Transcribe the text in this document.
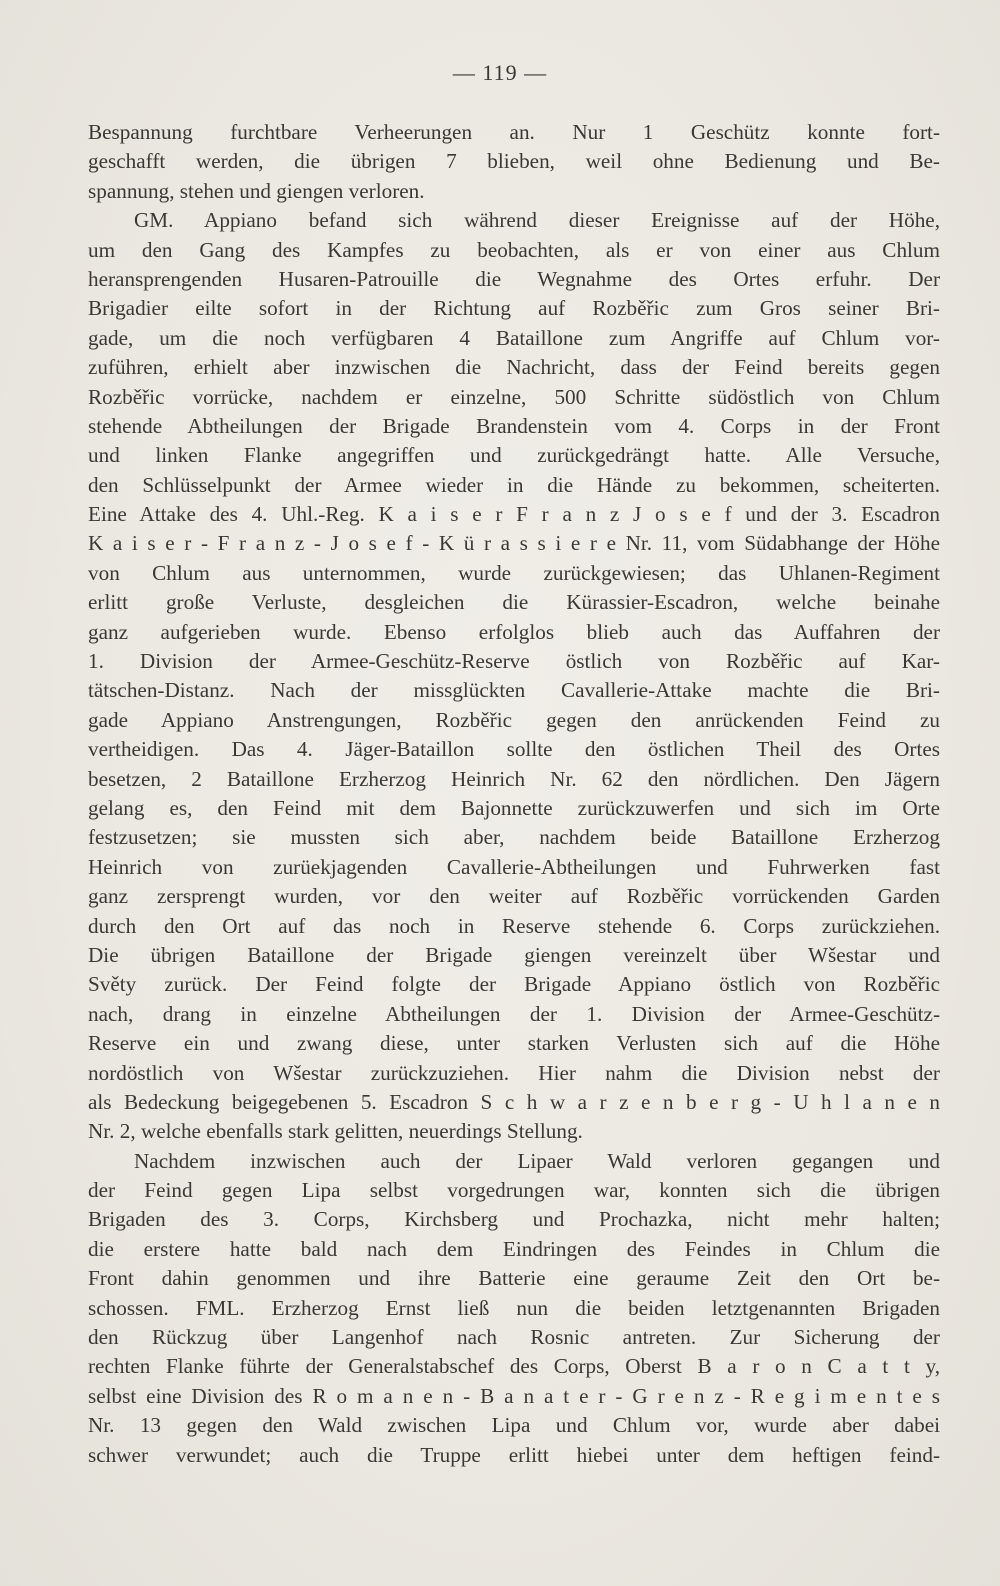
— 119 —
Bespannung furchtbare Verheerungen an. Nur 1 Geschütz konnte fort-
geschafft werden, die übrigen 7 blieben, weil ohne Bedienung und Be-
spannung, stehen und giengen verloren.
GM. Appiano befand sich während dieser Ereignisse auf der Höhe,
um den Gang des Kampfes zu beobachten, als er von einer aus Chlum
heransprengenden Husaren-Patrouille die Wegnahme des Ortes erfuhr. Der
Brigadier eilte sofort in der Richtung auf Rozběřic zum Gros seiner Bri-
gade, um die noch verfügbaren 4 Bataillone zum Angriffe auf Chlum vor-
zuführen, erhielt aber inzwischen die Nachricht, dass der Feind bereits gegen
Rozběřic vorrücke, nachdem er einzelne, 500 Schritte südöstlich von Chlum
stehende Abtheilungen der Brigade Brandenstein vom 4. Corps in der Front
und linken Flanke angegriffen und zurückgedrängt hatte. Alle Versuche,
den Schlüsselpunkt der Armee wieder in die Hände zu bekommen, scheiterten.
Eine Attake des 4. Uhl.-Reg. K a i s e r F r a n z J o s e f und der 3. Escadron
K a i s e r - F r a n z - J o s e f - K ü r a s s i e r e Nr. 11, vom Südabhange der Höhe
von Chlum aus unternommen, wurde zurückgewiesen; das Uhlanen-Regiment
erlitt große Verluste, desgleichen die Kürassier-Escadron, welche beinahe
ganz aufgerieben wurde. Ebenso erfolglos blieb auch das Auffahren der
1. Division der Armee-Geschütz-Reserve östlich von Rozběřic auf Kar-
tätschen-Distanz. Nach der missglückten Cavallerie-Attake machte die Bri-
gade Appiano Anstrengungen, Rozběřic gegen den anrückenden Feind zu
vertheidigen. Das 4. Jäger-Bataillon sollte den östlichen Theil des Ortes
besetzen, 2 Bataillone Erzherzog Heinrich Nr. 62 den nördlichen. Den Jägern
gelang es, den Feind mit dem Bajonnette zurückzuwerfen und sich im Orte
festzusetzen; sie mussten sich aber, nachdem beide Bataillone Erzherzog
Heinrich von zurüekjagenden Cavallerie-Abtheilungen und Fuhrwerken fast
ganz zersprengt wurden, vor den weiter auf Rozběřic vorrückenden Garden
durch den Ort auf das noch in Reserve stehende 6. Corps zurückziehen.
Die übrigen Bataillone der Brigade giengen vereinzelt über Wšestar und
Světy zurück. Der Feind folgte der Brigade Appiano östlich von Rozběřic
nach, drang in einzelne Abtheilungen der 1. Division der Armee-Geschütz-
Reserve ein und zwang diese, unter starken Verlusten sich auf die Höhe
nordöstlich von Wšestar zurückzuziehen. Hier nahm die Division nebst der
als Bedeckung beigegebenen 5. Escadron S c h w a r z e n b e r g - U h l a n e n
Nr. 2, welche ebenfalls stark gelitten, neuerdings Stellung.
Nachdem inzwischen auch der Lipaer Wald verloren gegangen und
der Feind gegen Lipa selbst vorgedrungen war, konnten sich die übrigen
Brigaden des 3. Corps, Kirchsberg und Prochazka, nicht mehr halten;
die erstere hatte bald nach dem Eindringen des Feindes in Chlum die
Front dahin genommen und ihre Batterie eine geraume Zeit den Ort be-
schossen. FML. Erzherzog Ernst ließ nun die beiden letztgenannten Brigaden
den Rückzug über Langenhof nach Rosnic antreten. Zur Sicherung der
rechten Flanke führte der Generalstabschef des Corps, Oberst B a r o n C a t t y,
selbst eine Division des R o m a n e n - B a n a t e r - G r e n z - R e g i m e n t e s
Nr. 13 gegen den Wald zwischen Lipa und Chlum vor, wurde aber dabei
schwer verwundet; auch die Truppe erlitt hiebei unter dem heftigen feind-
